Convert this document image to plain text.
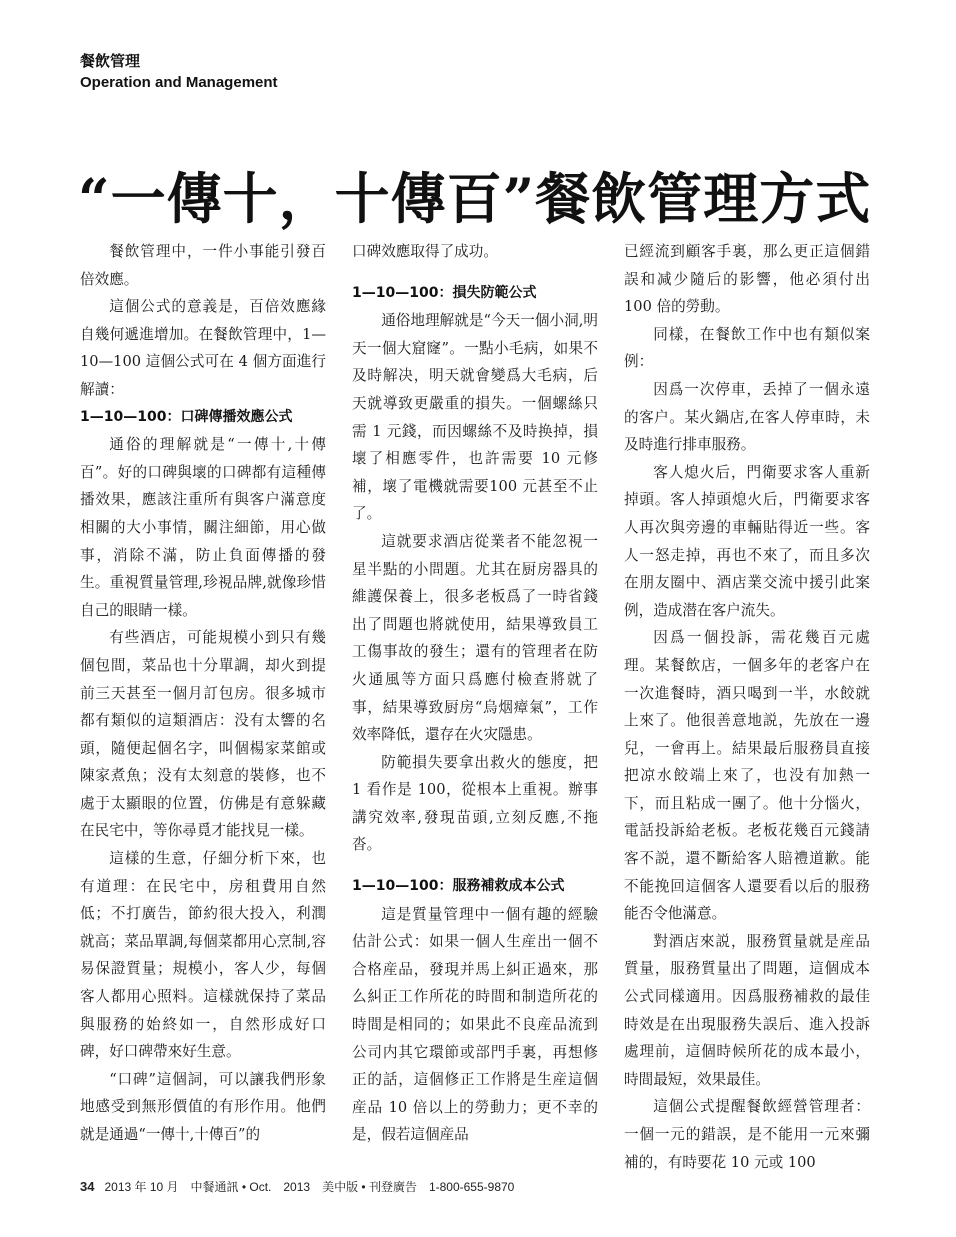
餐飲管理
Operation and Management
“一傳十，十傳百”餐飲管理方式

餐飲管理中，一件小事能引發百倍效應。

這個公式的意義是，百倍效應緣自幾何遞進增加。在餐飲管理中，1—10—100 這個公式可在 4 個方面進行解讀：

1—10—100：口碑傳播效應公式

通俗的理解就是“一傳十,十傳百”。好的口碑與壞的口碑都有這種傳播效果，應該注重所有與客户滿意度相關的大小事情，關注細節，用心做事，消除不滿，防止負面傳播的發生。重視質量管理,珍視品牌,就像珍惜自己的眼睛一樣。

有些酒店，可能規模小到只有幾個包間，菜品也十分單調，却火到提前三天甚至一個月訂包房。很多城市都有類似的這類酒店：没有太響的名頭，隨便起個名字，叫個楊家菜館或陳家煮魚；没有太刻意的裝修，也不處于太顯眼的位置，仿佛是有意躲藏在民宅中，等你尋覓才能找見一樣。

這樣的生意，仔細分析下來，也有道理：在民宅中，房租費用自然低；不打廣告，節約很大投入，利潤就高；菜品單調,每個菜都用心烹制,容易保證質量；規模小，客人少，每個客人都用心照料。這樣就保持了菜品與服務的始終如一，自然形成好口碑，好口碑帶來好生意。

“口碑”這個詞，可以讓我們形象地感受到無形價值的有形作用。他們就是通過“一傳十,十傳百”的

口碑效應取得了成功。

1—10—100：損失防範公式

通俗地理解就是“今天一個小洞,明天一個大窟窿”。一點小毛病，如果不及時解决，明天就會變爲大毛病，后天就導致更嚴重的損失。一個螺絲只需 1 元錢，而因螺絲不及時换掉，損壞了相應零件，也許需要 10 元修補，壞了電機就需要100 元甚至不止了。

這就要求酒店從業者不能忽視一星半點的小問題。尤其在厨房器具的維護保養上，很多老板爲了一時省錢出了問題也將就使用，結果導致員工工傷事故的發生；還有的管理者在防火通風等方面只爲應付檢查將就了事，結果導致厨房“烏烟瘴氣”，工作效率降低，還存在火灾隱患。

防範損失要拿出救火的態度，把 1 看作是 100，從根本上重視。辦事講究效率,發現苗頭,立刻反應,不拖沓。

1—10—100：服務補救成本公式

這是質量管理中一個有趣的經驗估計公式：如果一個人生産出一個不合格産品，發現并馬上糾正過來，那么糾正工作所花的時間和制造所花的時間是相同的；如果此不良産品流到公司内其它環節或部門手裏，再想修正的話，這個修正工作將是生産這個産品 10 倍以上的勞動力；更不幸的是，假若這個産品

已經流到顧客手裏，那么更正這個錯誤和减少隨后的影響，他必須付出 100 倍的勞動。

同樣，在餐飲工作中也有類似案例：

因爲一次停車，丢掉了一個永遠的客户。某火鍋店,在客人停車時，未及時進行排車服務。

客人熄火后，門衛要求客人重新掉頭。客人掉頭熄火后，門衛要求客人再次與旁邊的車輛貼得近一些。客人一怒走掉，再也不來了，而且多次在朋友圈中、酒店業交流中援引此案例，造成潜在客户流失。

因爲一個投訴，需花幾百元處理。某餐飲店，一個多年的老客户在一次進餐時，酒只喝到一半，水餃就上來了。他很善意地説，先放在一邊兒，一會再上。結果最后服務員直接把凉水餃端上來了，也没有加熱一下，而且粘成一團了。他十分惱火，電話投訴給老板。老板花幾百元錢請客不説，還不斷給客人賠禮道歉。能不能挽回這個客人還要看以后的服務能否令他滿意。

對酒店來説，服務質量就是産品質量，服務質量出了問題，這個成本公式同樣適用。因爲服務補救的最佳時效是在出現服務失誤后、進入投訴處理前，這個時候所花的成本最小，時間最短，效果最佳。

這個公式提醒餐飲經營管理者：一個一元的錯誤，是不能用一元來彌補的，有時要花 10 元或 100

34 2013 年 10 月　中餐通訊 • Oct.　2013　美中版 • 刊登廣告　1-800-655-9870
